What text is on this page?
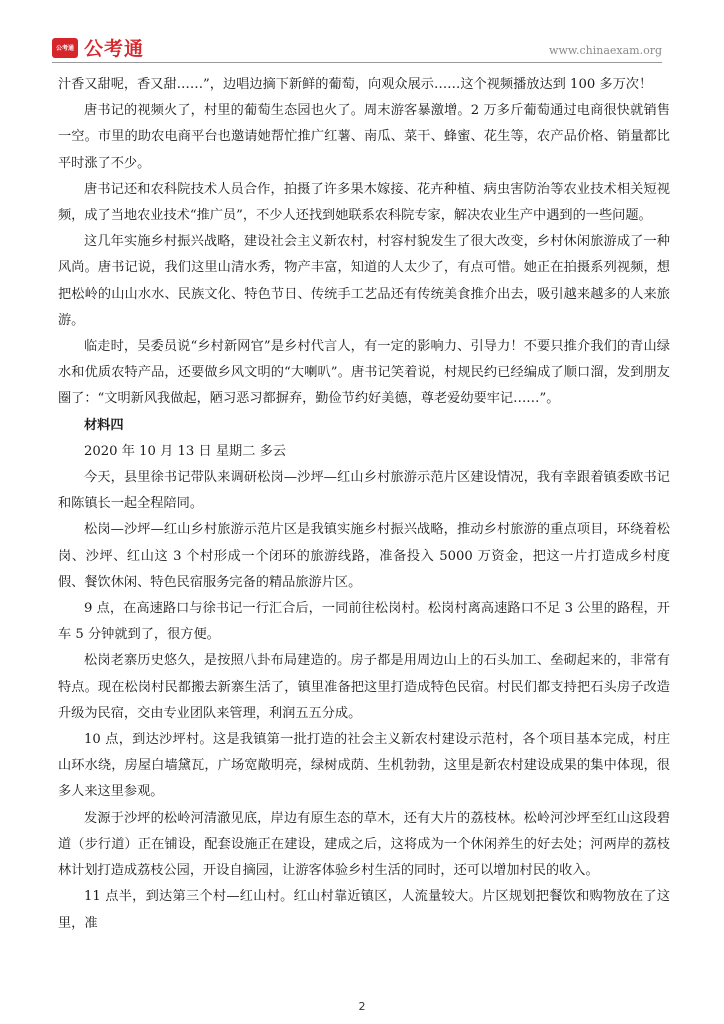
公考通 公考通	www.chinaexam.org

汁香又甜呢，香又甜……”，边唱边摘下新鲜的葡萄，向观众展示……这个视频播放达到 100 多万次！

唐书记的视频火了，村里的葡萄生态园也火了。周末游客暴激增。2 万多斤葡萄通过电商很快就销售一空。市里的助农电商平台也邀请她帮忙推广红薯、南瓜、菜干、蜂蜜、花生等，农产品价格、销量都比平时涨了不少。

唐书记还和农科院技术人员合作，拍摄了许多果木嫁接、花卉种植、病虫害防治等农业技术相关短视频，成了当地农业技术“推广员”，不少人还找到她联系农科院专家，解决农业生产中遇到的一些问题。

这几年实施乡村振兴战略，建设社会主义新农村，村容村貌发生了很大改变，乡村休闲旅游成了一种风尚。唐书记说，我们这里山清水秀，物产丰富，知道的人太少了，有点可惜。她正在拍摄系列视频，想把松岭的山山水水、民族文化、特色节日、传统手工艺品还有传统美食推介出去，吸引越来越多的人来旅游。

临走时，吴委员说“乡村新网官”是乡村代言人，有一定的影响力、引导力！不要只推介我们的青山绿水和优质农特产品，还要做乡风文明的“大喇叭”。唐书记笑着说，村规民约已经编成了顺口溜，发到朋友圈了：“文明新风我做起，陋习恶习都摒弃，勤俭节约好美德，尊老爱幼要牢记……”。

材料四

2020 年 10 月 13 日 星期二 多云

今天，县里徐书记带队来调研松岗—沙坪—红山乡村旅游示范片区建设情况，我有幸跟着镇委欧书记和陈镇长一起全程陪同。

松岗—沙坪—红山乡村旅游示范片区是我镇实施乡村振兴战略，推动乡村旅游的重点项目，环绕着松岗、沙坪、红山这 3 个村形成一个闭环的旅游线路，准备投入 5000 万资金，把这一片打造成乡村度假、餐饮休闲、特色民宿服务完备的精品旅游片区。

9 点，在高速路口与徐书记一行汇合后，一同前往松岗村。松岗村离高速路口不足 3 公里的路程，开车 5 分钟就到了，很方便。

松岗老寨历史悠久，是按照八卦布局建造的。房子都是用周边山上的石头加工、垒砌起来的，非常有特点。现在松岗村民都搬去新寨生活了，镇里准备把这里打造成特色民宿。村民们都支持把石头房子改造升级为民宿，交由专业团队来管理，利润五五分成。

10 点，到达沙坪村。这是我镇第一批打造的社会主义新农村建设示范村，各个项目基本完成，村庄山环水绕，房屋白墙黛瓦，广场宽敞明亮，绿树成荫、生机勃勃，这里是新农村建设成果的集中体现，很多人来这里参观。

发源于沙坪的松岭河清澈见底，岸边有原生态的草木，还有大片的荔枝林。松岭河沙坪至红山这段碧道（步行道）正在铺设，配套设施正在建设，建成之后，这将成为一个休闲养生的好去处；河两岸的荔枝林计划打造成荔枝公园，开设自摘园，让游客体验乡村生活的同时，还可以增加村民的收入。

11 点半，到达第三个村—红山村。红山村靠近镇区，人流量较大。片区规划把餐饮和购物放在了这里，准

2
